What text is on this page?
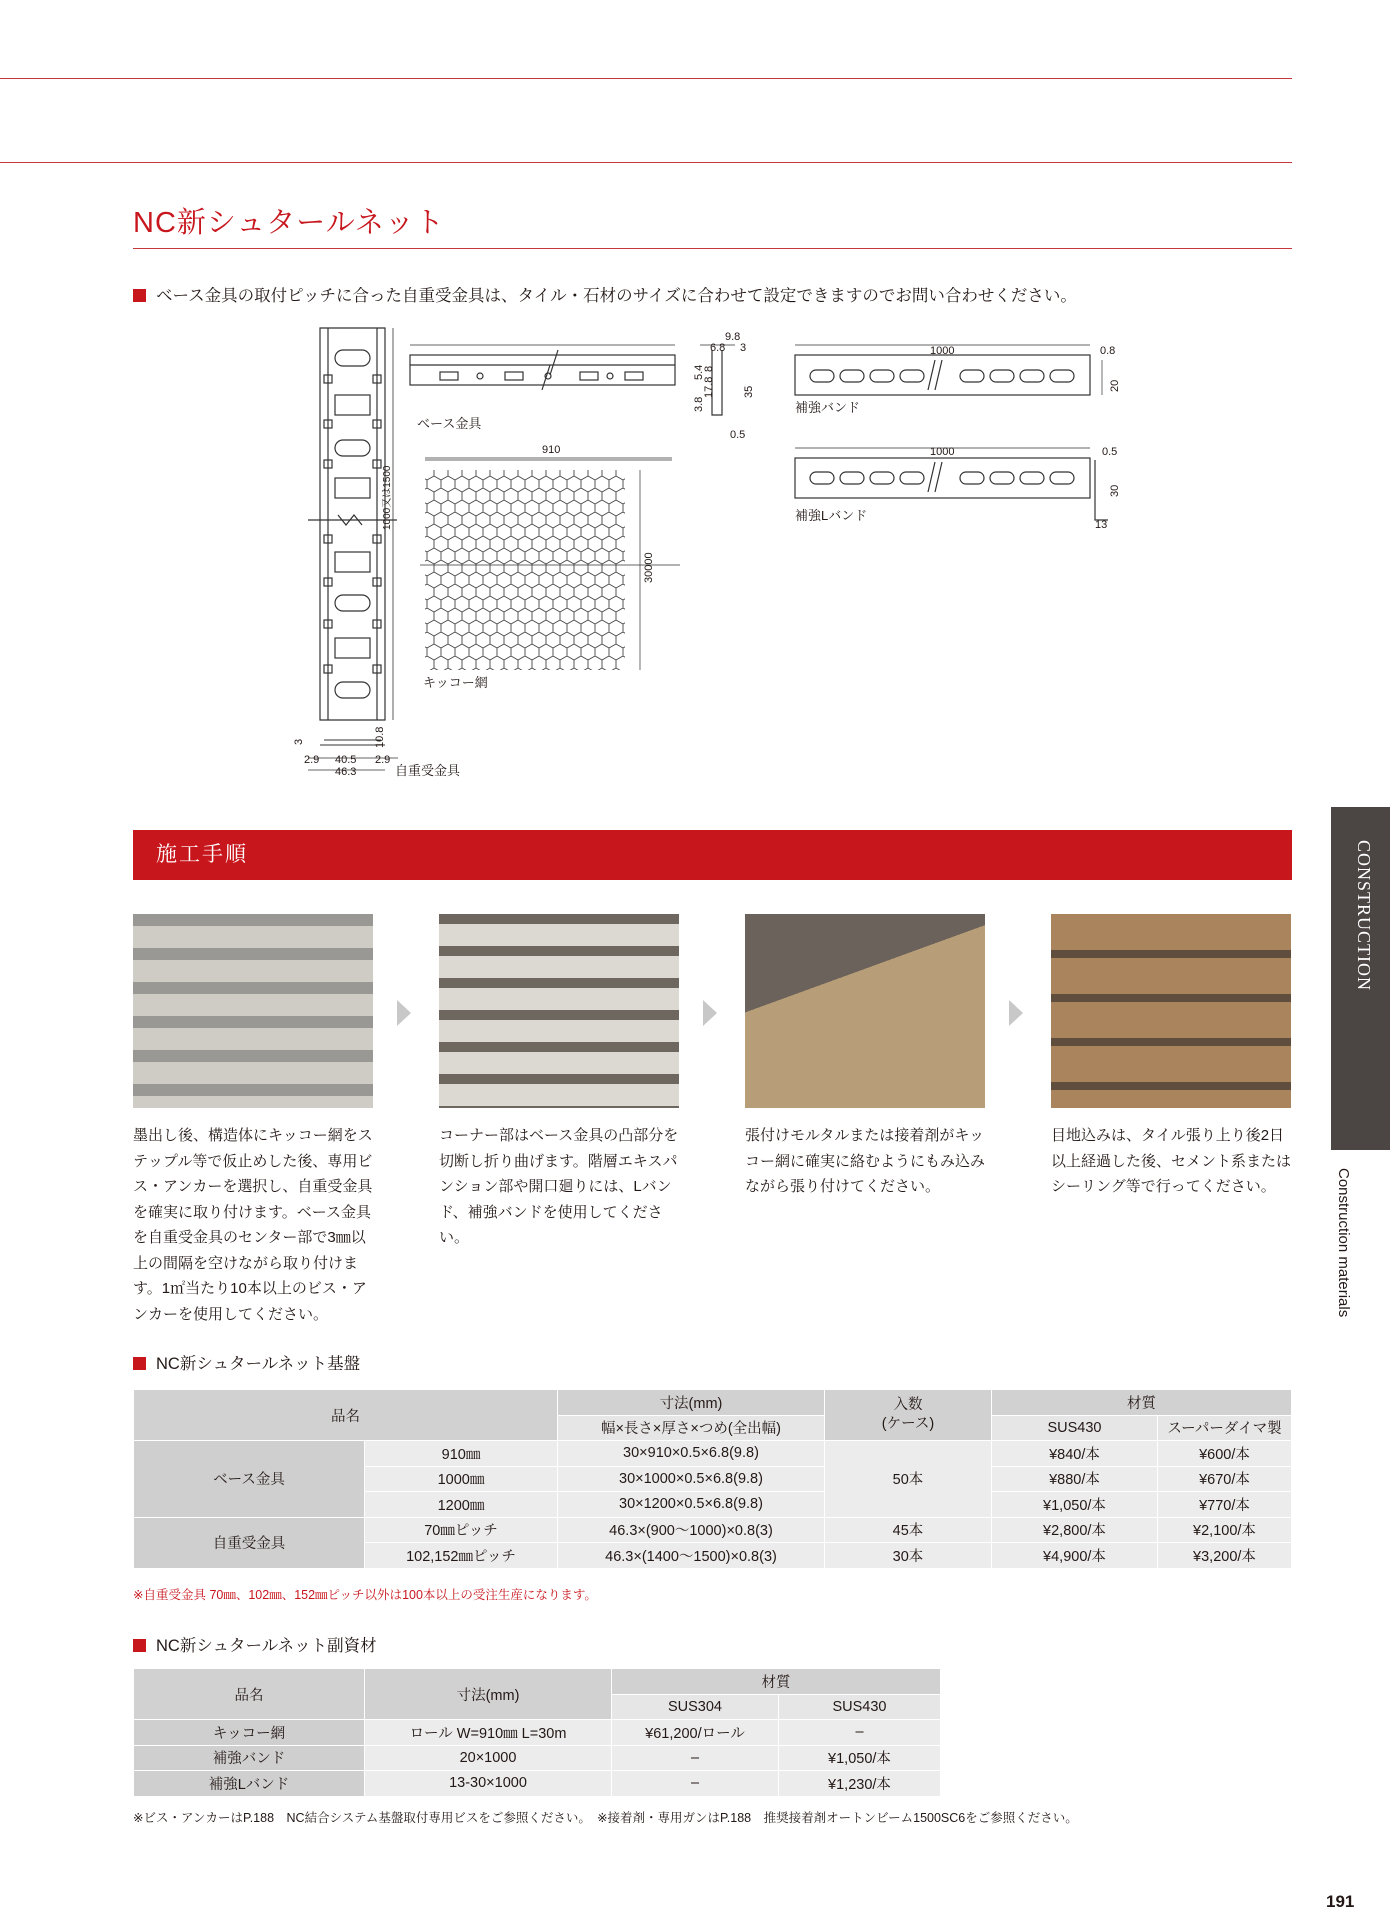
NC新シュタールネット
ベース金具の取付ピッチに合った自重受金具は、タイル・石材のサイズに合わせて設定できますのでお問い合わせください。
ベース金具
キッコー網
自重受金具
補強バンド
補強Lバンド
910
30000
1000	0.8
20
1000	0.5
30
13
9.8
6.8 3
5.4
35
17.8
3.8
8
0.5
1000又は1500
10.8
3
2.9 40.5 2.9
46.3
施工手順	CONSTRUCTION
Construction materials
墨出し後、構造体にキッコー網をステップル等で仮止めした後、専用ビス・アンカーを選択し、自重受金具を確実に取り付けます。ベース金具を自重受金具のセンター部で3㎜以上の間隔を空けながら取り付けます。1㎡当たり10本以上のビス・アンカーを使用してください。
コーナー部はベース金具の凸部分を切断し折り曲げます。階層エキスパンション部や開口廻りには、Lバンド、補強バンドを使用してください。
張付けモルタルまたは接着剤がキッコー網に確実に絡むようにもみ込みながら張り付けてください。
目地込みは、タイル張り上り後2日以上経過した後、セメント系またはシーリング等で行ってください。
NC新シュタールネット基盤
品名		寸法(mm)	入数
(ケース)	材質	
		幅×長さ×厚さ×つめ(全出幅)		SUS430	スーパーダイマ製
ベース金具	910㎜	30×910×0.5×6.8(9.8)	50本	¥840/本	¥600/本
	1000㎜	30×1000×0.5×6.8(9.8)		¥880/本	¥670/本
	1200㎜	30×1200×0.5×6.8(9.8)		¥1,050/本	¥770/本
自重受金具	70㎜ピッチ	46.3×(900〜1000)×0.8(3)	45本	¥2,800/本	¥2,100/本
	102,152㎜ピッチ	46.3×(1400〜1500)×0.8(3)	30本	¥4,900/本	¥3,200/本
※自重受金具 70㎜、102㎜、152㎜ピッチ以外は100本以上の受注生産になります。
NC新シュタールネット副資材
品名	寸法(mm)	材質	
		SUS304	SUS430
キッコー網	ロール W=910㎜ L=30m	¥61,200/ロール	–
補強バンド	20×1000	–	¥1,050/本
補強Lバンド	13-30×1000	–	¥1,230/本
※ビス・アンカーはP.188　NC結合システム基盤取付専用ビスをご参照ください。　※接着剤・専用ガンはP.188　推奨接着剤オートンビーム1500SC6をご参照ください。
191
